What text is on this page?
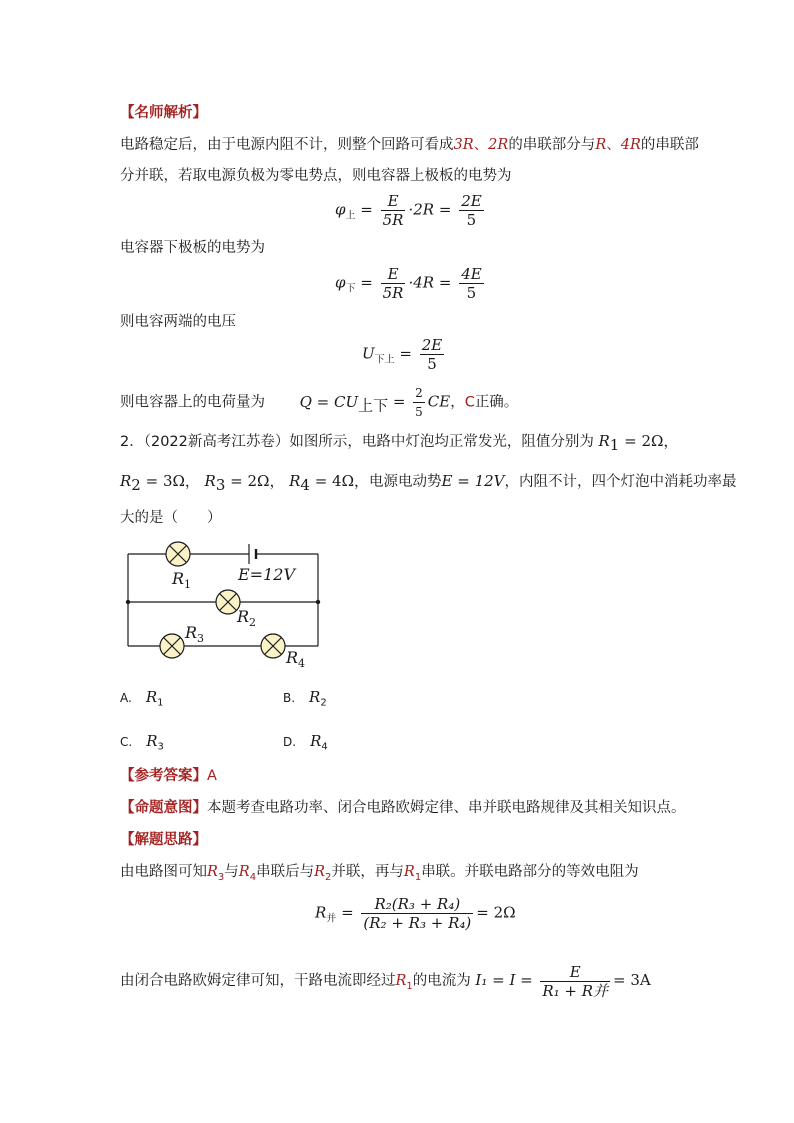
【名师解析】
电路稳定后，由于电源内阻不计，则整个回路可看成3R、2R的串联部分与R、4R的串联部
分并联，若取电源负极为零电势点，则电容器上极板的电势为
$\varphi_上 = \frac{E}{5R} \cdot 2R = \frac{2E}{5}$
电容器下极板的电势为
$\varphi_下 = \frac{E}{5R} \cdot 4R = \frac{4E}{5}$
则电容两端的电压
$U_{下上} = \frac{2E}{5}$
则电容器上的电荷量为 $Q = CU_{上下} = \frac{2}{5}$ CE，C正确。
2．（2022新高考江苏卷）如图所示，电路中灯泡均正常发光，阻值分别为 $R_1 = 2\Omega$，
$R_2 = 3\Omega$， $R_3 = 2\Omega$， $R_4 = 4\Omega$，电源电动势E = 12V，内阻不计，四个灯泡中消耗功率最
大的是（　　）
$R_1$
E=12V
$R_2$
$R_3$
$R_4$
A. $R_1$	B. $R_2$
C. $R_3$	D. $R_4$
【参考答案】A
【命题意图】本题考查电路功率、闭合电路欧姆定律、串并联电路规律及其相关知识点。
【解题思路】
由电路图可知$R_3$与$R_4$串联后与$R_2$并联，再与$R_1$串联。并联电路部分的等效电阻为
$R_并 = \frac{\text{R₂(R₃ + R₄)}}{\text{(R₂ + R₃ + R₄)}} = 2\Omega$
由闭合电路欧姆定律可知，干路电流即经过$R_1$的电流为 $I_1 = I = \frac{E}{\text{R₁ + R并}} = 3A$
